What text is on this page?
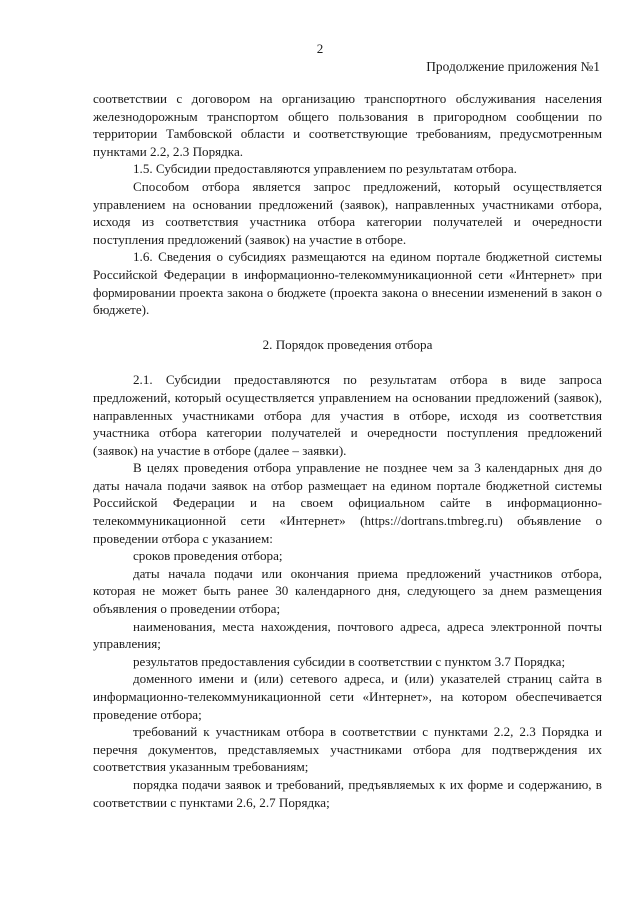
2
Продолжение приложения №1

соответствии с договором на организацию транспортного обслуживания населения железнодорожным транспортом общего пользования в пригородном сообщении по территории Тамбовской области и соответствующие требованиям, предусмотренным пунктами 2.2, 2.3 Порядка.

1.5. Субсидии предоставляются управлением по результатам отбора.

Способом отбора является запрос предложений, который осуществляется управлением на основании предложений (заявок), направленных участниками отбора, исходя из соответствия участника отбора категории получателей и очередности поступления предложений (заявок) на участие в отборе.

1.6. Сведения о субсидиях размещаются на едином портале бюджетной системы Российской Федерации в информационно-телекоммуникационной сети «Интернет» при формировании проекта закона о бюджете (проекта закона о внесении изменений в закон о бюджете).

2. Порядок проведения отбора

2.1. Субсидии предоставляются по результатам отбора в виде запроса предложений, который осуществляется управлением на основании предложений (заявок), направленных участниками отбора для участия в отборе, исходя из соответствия участника отбора категории получателей и очередности поступления предложений (заявок) на участие в отборе (далее – заявки).

В целях проведения отбора управление не позднее чем за 3 календарных дня до даты начала подачи заявок на отбор размещает на едином портале бюджетной системы Российской Федерации и на своем официальном сайте в информационно-телекоммуникационной сети «Интернет» (https://dortrans.tmbreg.ru) объявление о проведении отбора с указанием:

сроков проведения отбора;

даты начала подачи или окончания приема предложений участников отбора, которая не может быть ранее 30 календарного дня, следующего за днем размещения объявления о проведении отбора;

наименования, места нахождения, почтового адреса, адреса электронной почты управления;

результатов предоставления субсидии в соответствии с пунктом 3.7 Порядка;

доменного имени и (или) сетевого адреса, и (или) указателей страниц сайта в информационно-телекоммуникационной сети «Интернет», на котором обеспечивается проведение отбора;

требований к участникам отбора в соответствии с пунктами 2.2, 2.3 Порядка и перечня документов, представляемых участниками отбора для подтверждения их соответствия указанным требованиям;

порядка подачи заявок и требований, предъявляемых к их форме и содержанию, в соответствии с пунктами 2.6, 2.7 Порядка;
